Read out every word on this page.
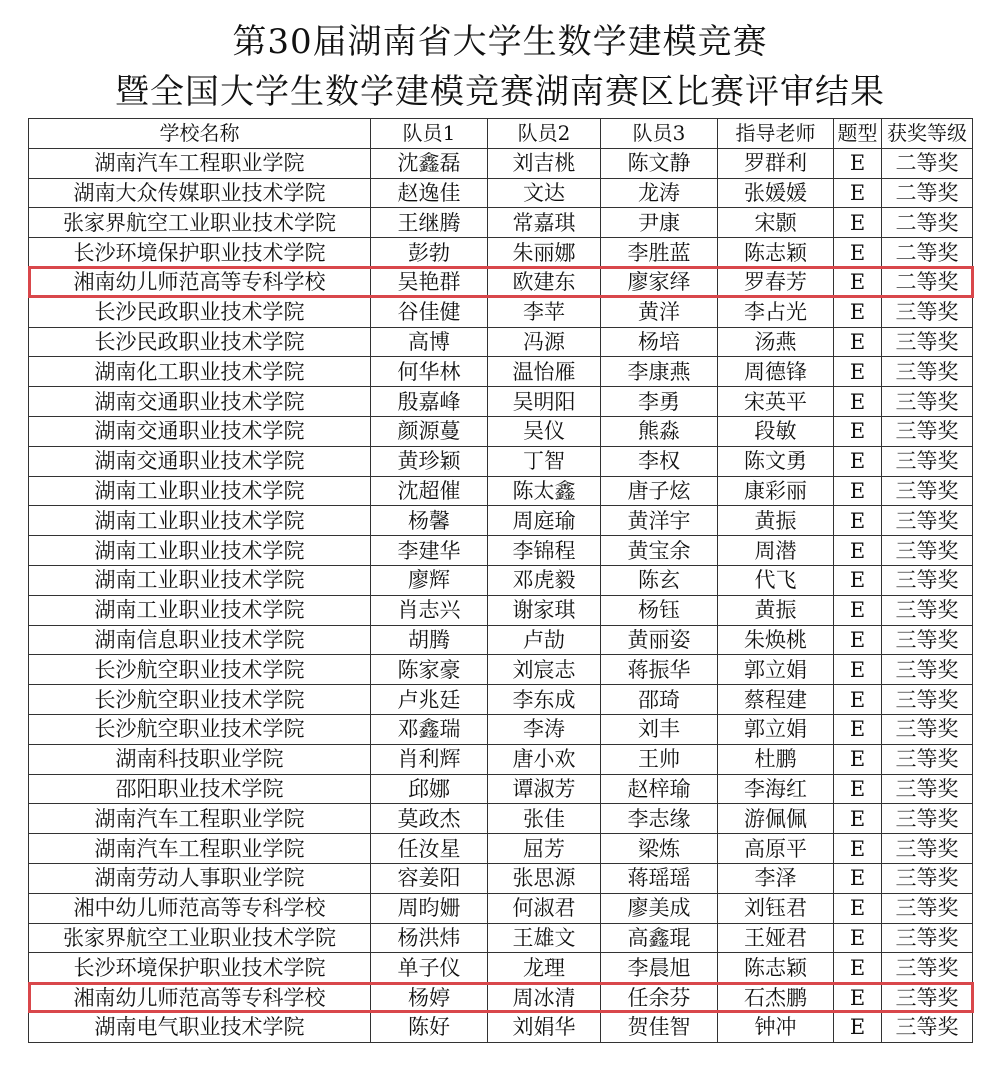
第30届湖南省大学生数学建模竞赛
暨全国大学生数学建模竞赛湖南赛区比赛评审结果
学校名称	队员1	队员2	队员3	指导老师	题型	获奖等级
湖南汽车工程职业学院	沈鑫磊	刘吉桃	陈文静	罗群利	E	二等奖
湖南大众传媒职业技术学院	赵逸佳	文达	龙涛	张媛媛	E	二等奖
张家界航空工业职业技术学院	王继腾	常嘉琪	尹康	宋颢	E	二等奖
长沙环境保护职业技术学院	彭勃	朱丽娜	李胜蓝	陈志颖	E	二等奖
湘南幼儿师范高等专科学校	吴艳群	欧建东	廖家绎	罗春芳	E	二等奖
长沙民政职业技术学院	谷佳健	李苹	黄洋	李占光	E	三等奖
长沙民政职业技术学院	高博	冯源	杨培	汤燕	E	三等奖
湖南化工职业技术学院	何华林	温怡雁	李康燕	周德锋	E	三等奖
湖南交通职业技术学院	殷嘉峰	吴明阳	李勇	宋英平	E	三等奖
湖南交通职业技术学院	颜源蔓	吴仪	熊淼	段敏	E	三等奖
湖南交通职业技术学院	黄珍颖	丁智	李权	陈文勇	E	三等奖
湖南工业职业技术学院	沈超催	陈太鑫	唐子炫	康彩丽	E	三等奖
湖南工业职业技术学院	杨馨	周庭瑜	黄洋宇	黄振	E	三等奖
湖南工业职业技术学院	李建华	李锦程	黄宝余	周潜	E	三等奖
湖南工业职业技术学院	廖辉	邓虎毅	陈玄	代飞	E	三等奖
湖南工业职业技术学院	肖志兴	谢家琪	杨钰	黄振	E	三等奖
湖南信息职业技术学院	胡腾	卢劼	黄丽姿	朱焕桃	E	三等奖
长沙航空职业技术学院	陈家豪	刘宸志	蒋振华	郭立娟	E	三等奖
长沙航空职业技术学院	卢兆廷	李东成	邵琦	蔡程建	E	三等奖
长沙航空职业技术学院	邓鑫瑞	李涛	刘丰	郭立娟	E	三等奖
湖南科技职业学院	肖利辉	唐小欢	王帅	杜鹏	E	三等奖
邵阳职业技术学院	邱娜	谭淑芳	赵梓瑜	李海红	E	三等奖
湖南汽车工程职业学院	莫政杰	张佳	李志缘	游佩佩	E	三等奖
湖南汽车工程职业学院	任汝星	屈芳	梁炼	高原平	E	三等奖
湖南劳动人事职业学院	容姜阳	张思源	蒋瑶瑶	李泽	E	三等奖
湘中幼儿师范高等专科学校	周昀姗	何淑君	廖美成	刘钰君	E	三等奖
张家界航空工业职业技术学院	杨洪炜	王雄文	高鑫琨	王娅君	E	三等奖
长沙环境保护职业技术学院	单子仪	龙理	李晨旭	陈志颖	E	三等奖
湘南幼儿师范高等专科学校	杨婷	周冰清	任余芬	石杰鹏	E	三等奖
湖南电气职业技术学院	陈好	刘娟华	贺佳智	钟冲	E	三等奖
